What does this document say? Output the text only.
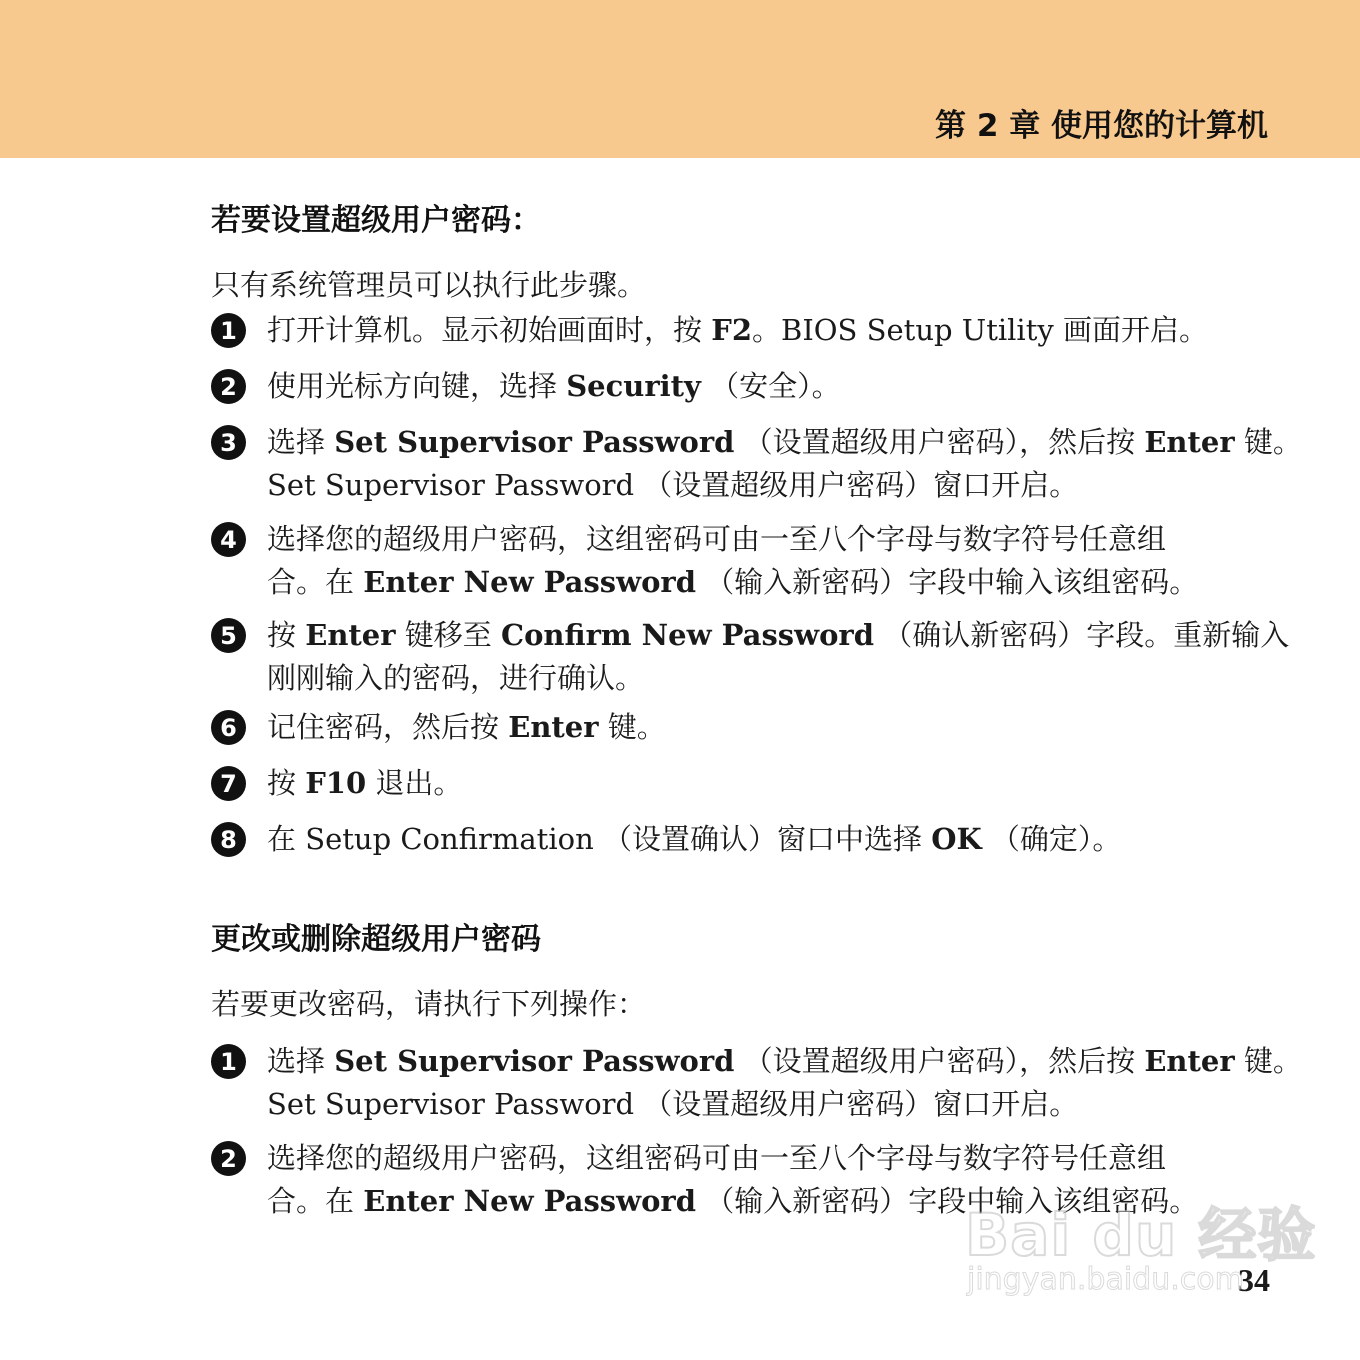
第 2 章 使用您的计算机
若要设置超级用户密码：
只有系统管理员可以执行此步骤。
1	打开计算机。显示初始画面时，按 F2。BIOS Setup Utility 画面开启。
2	使用光标方向键，选择 Security （安全）。
3	选择 Set Supervisor Password （设置超级用户密码），然后按 Enter 键。
Set Supervisor Password （设置超级用户密码）窗口开启。
4	选择您的超级用户密码，这组密码可由一至八个字母与数字符号任意组
合。在 Enter New Password （输入新密码）字段中输入该组密码。
5	按 Enter 键移至 Confirm New Password （确认新密码）字段。重新输入
刚刚输入的密码，进行确认。
6	记住密码，然后按 Enter 键。
7	按 F10 退出。
8	在 Setup Confirmation （设置确认）窗口中选择 OK （确定）。
更改或删除超级用户密码
若要更改密码，请执行下列操作：
1	选择 Set Supervisor Password （设置超级用户密码），然后按 Enter 键。
Set Supervisor Password （设置超级用户密码）窗口开启。
2	选择您的超级用户密码，这组密码可由一至八个字母与数字符号任意组
合。在 Enter New Password （输入新密码）字段中输入该组密码。
34
Bai du 经验
jingyan.baidu.com
